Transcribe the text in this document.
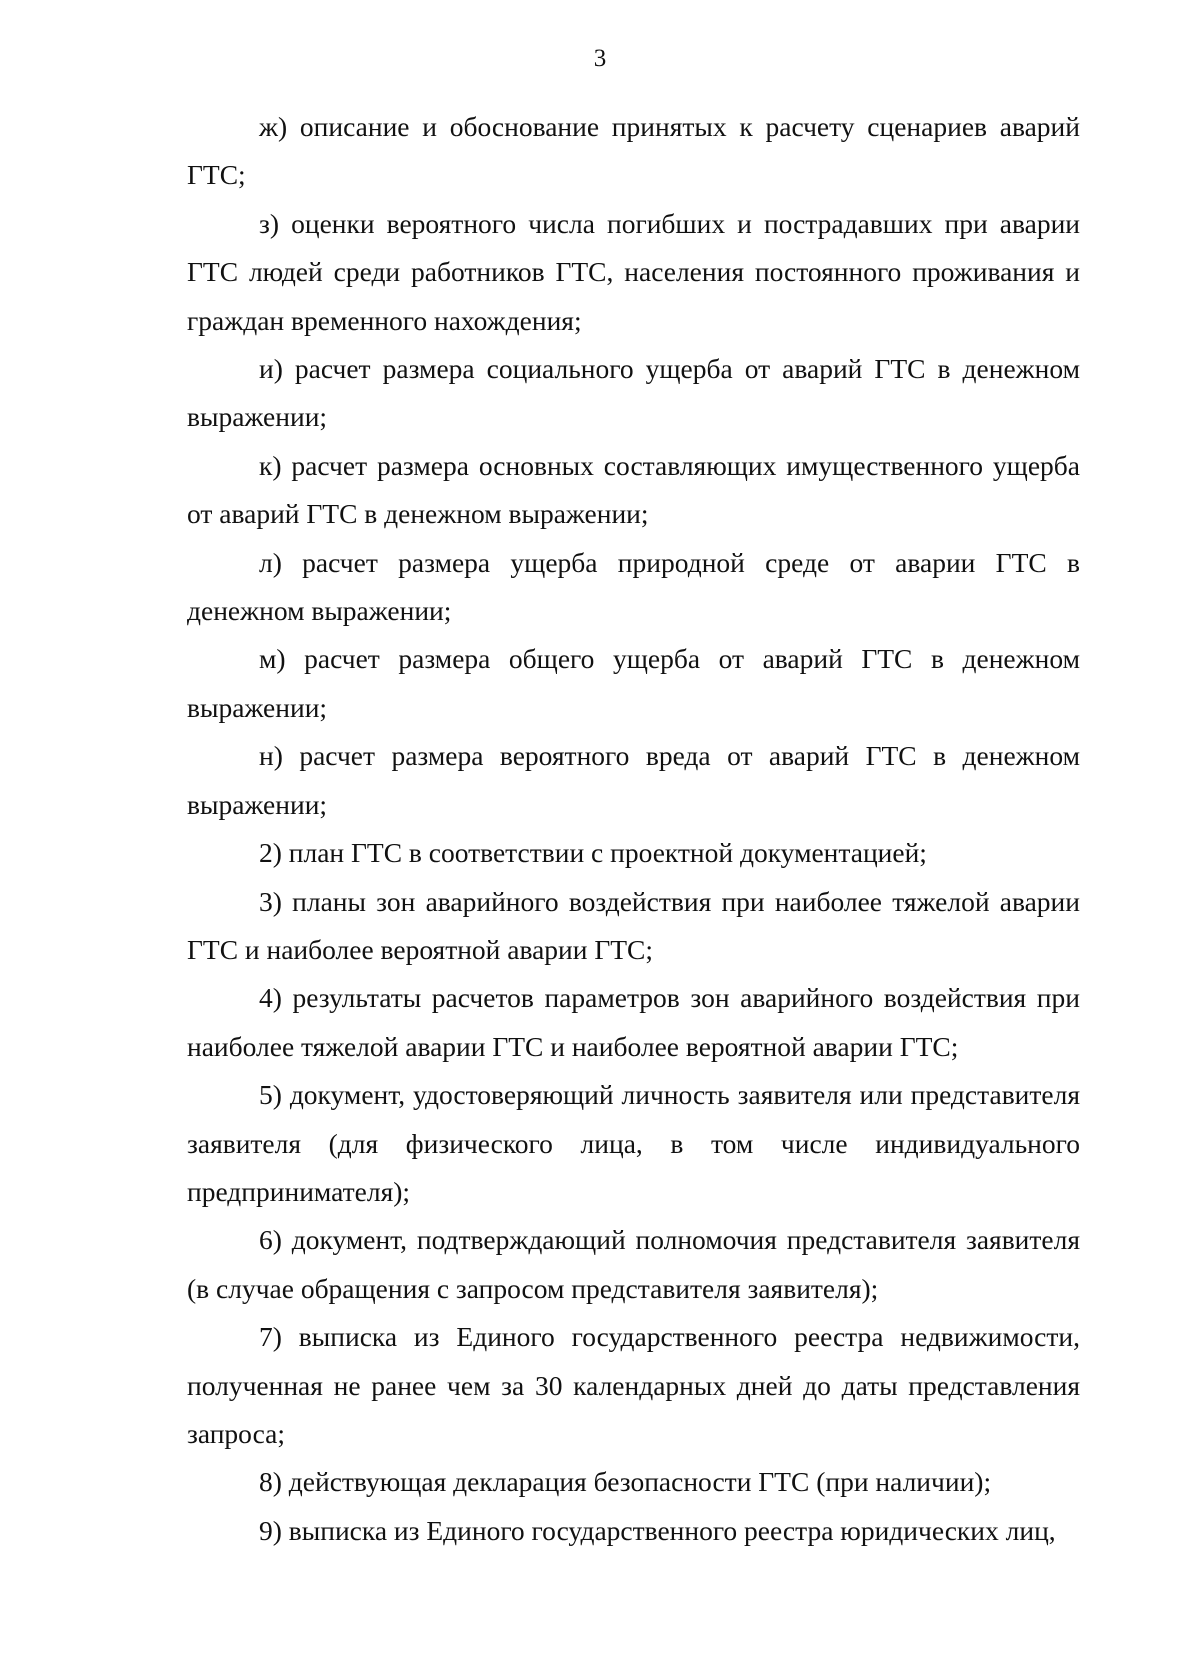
3

ж) описание и обоснование принятых к расчету сценариев аварий ГТС;

з) оценки вероятного числа погибших и пострадавших при аварии ГТС людей среди работников ГТС, населения постоянного проживания и граждан временного нахождения;

и) расчет размера социального ущерба от аварий ГТС в денежном выражении;

к) расчет размера основных составляющих имущественного ущерба от аварий ГТС в денежном выражении;

л) расчет размера ущерба природной среде от аварии ГТС в денежном выражении;

м) расчет размера общего ущерба от аварий ГТС в денежном выражении;

н) расчет размера вероятного вреда от аварий ГТС в денежном выражении;

2) план ГТС в соответствии с проектной документацией;

3) планы зон аварийного воздействия при наиболее тяжелой аварии ГТС и наиболее вероятной аварии ГТС;

4) результаты расчетов параметров зон аварийного воздействия при наиболее тяжелой аварии ГТС и наиболее вероятной аварии ГТС;

5) документ, удостоверяющий личность заявителя или представителя заявителя (для физического лица, в том числе индивидуального предпринимателя);

6) документ, подтверждающий полномочия представителя заявителя (в случае обращения с запросом представителя заявителя);

7) выписка из Единого государственного реестра недвижимости, полученная не ранее чем за 30 календарных дней до даты представления запроса;

8) действующая декларация безопасности ГТС (при наличии);

9) выписка из Единого государственного реестра юридических лиц,
